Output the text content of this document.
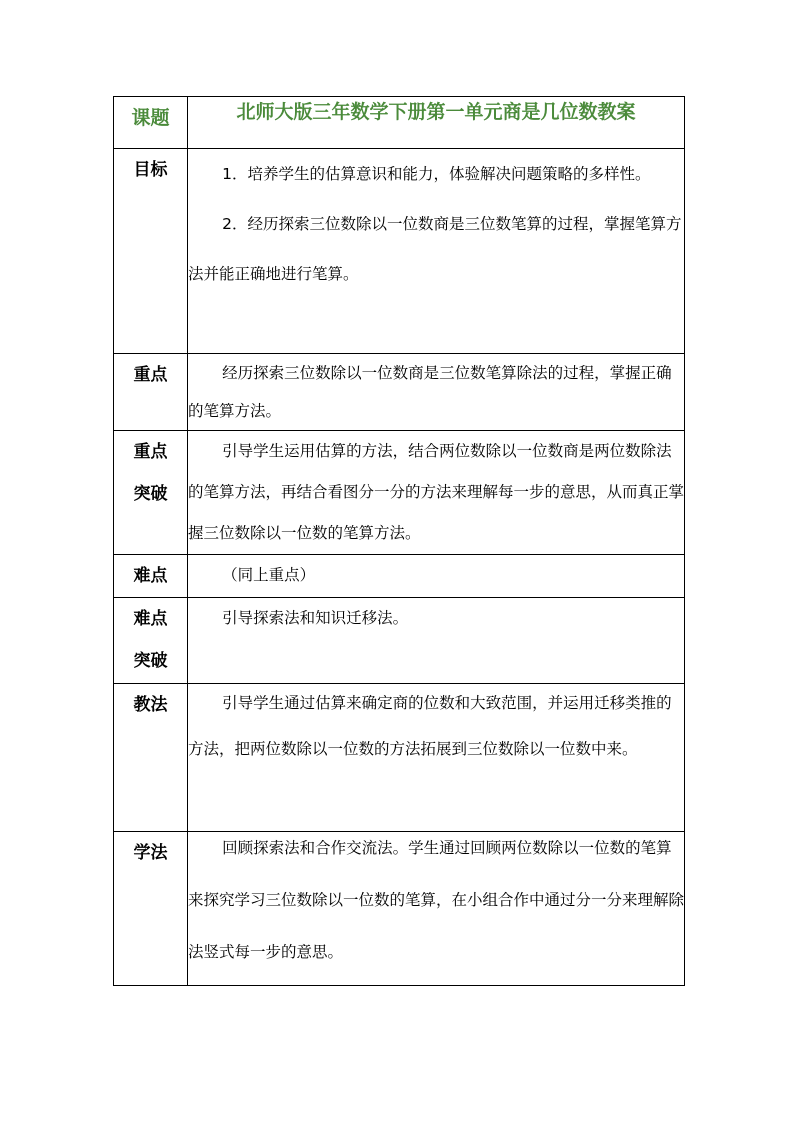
课题	北师大版三年数学下册第一单元商是几位数教案
目标	1．培养学生的估算意识和能力，体验解决问题策略的多样性。

2．经历探索三位数除以一位数商是三位数笔算的过程，掌握笔算方法并能正确地进行笔算。

重点	经历探索三位数除以一位数商是三位数笔算除法的过程，掌握正确的笔算方法。

重点
突破	引导学生运用估算的方法，结合两位数除以一位数商是两位数除法的笔算方法，再结合看图分一分的方法来理解每一步的意思，从而真正掌握三位数除以一位数的笔算方法。

难点	（同上重点）

难点
突破	引导探索法和知识迁移法。

教法	引导学生通过估算来确定商的位数和大致范围，并运用迁移类推的方法，把两位数除以一位数的方法拓展到三位数除以一位数中来。

学法	回顾探索法和合作交流法。学生通过回顾两位数除以一位数的笔算来探究学习三位数除以一位数的笔算，在小组合作中通过分一分来理解除法竖式每一步的意思。
